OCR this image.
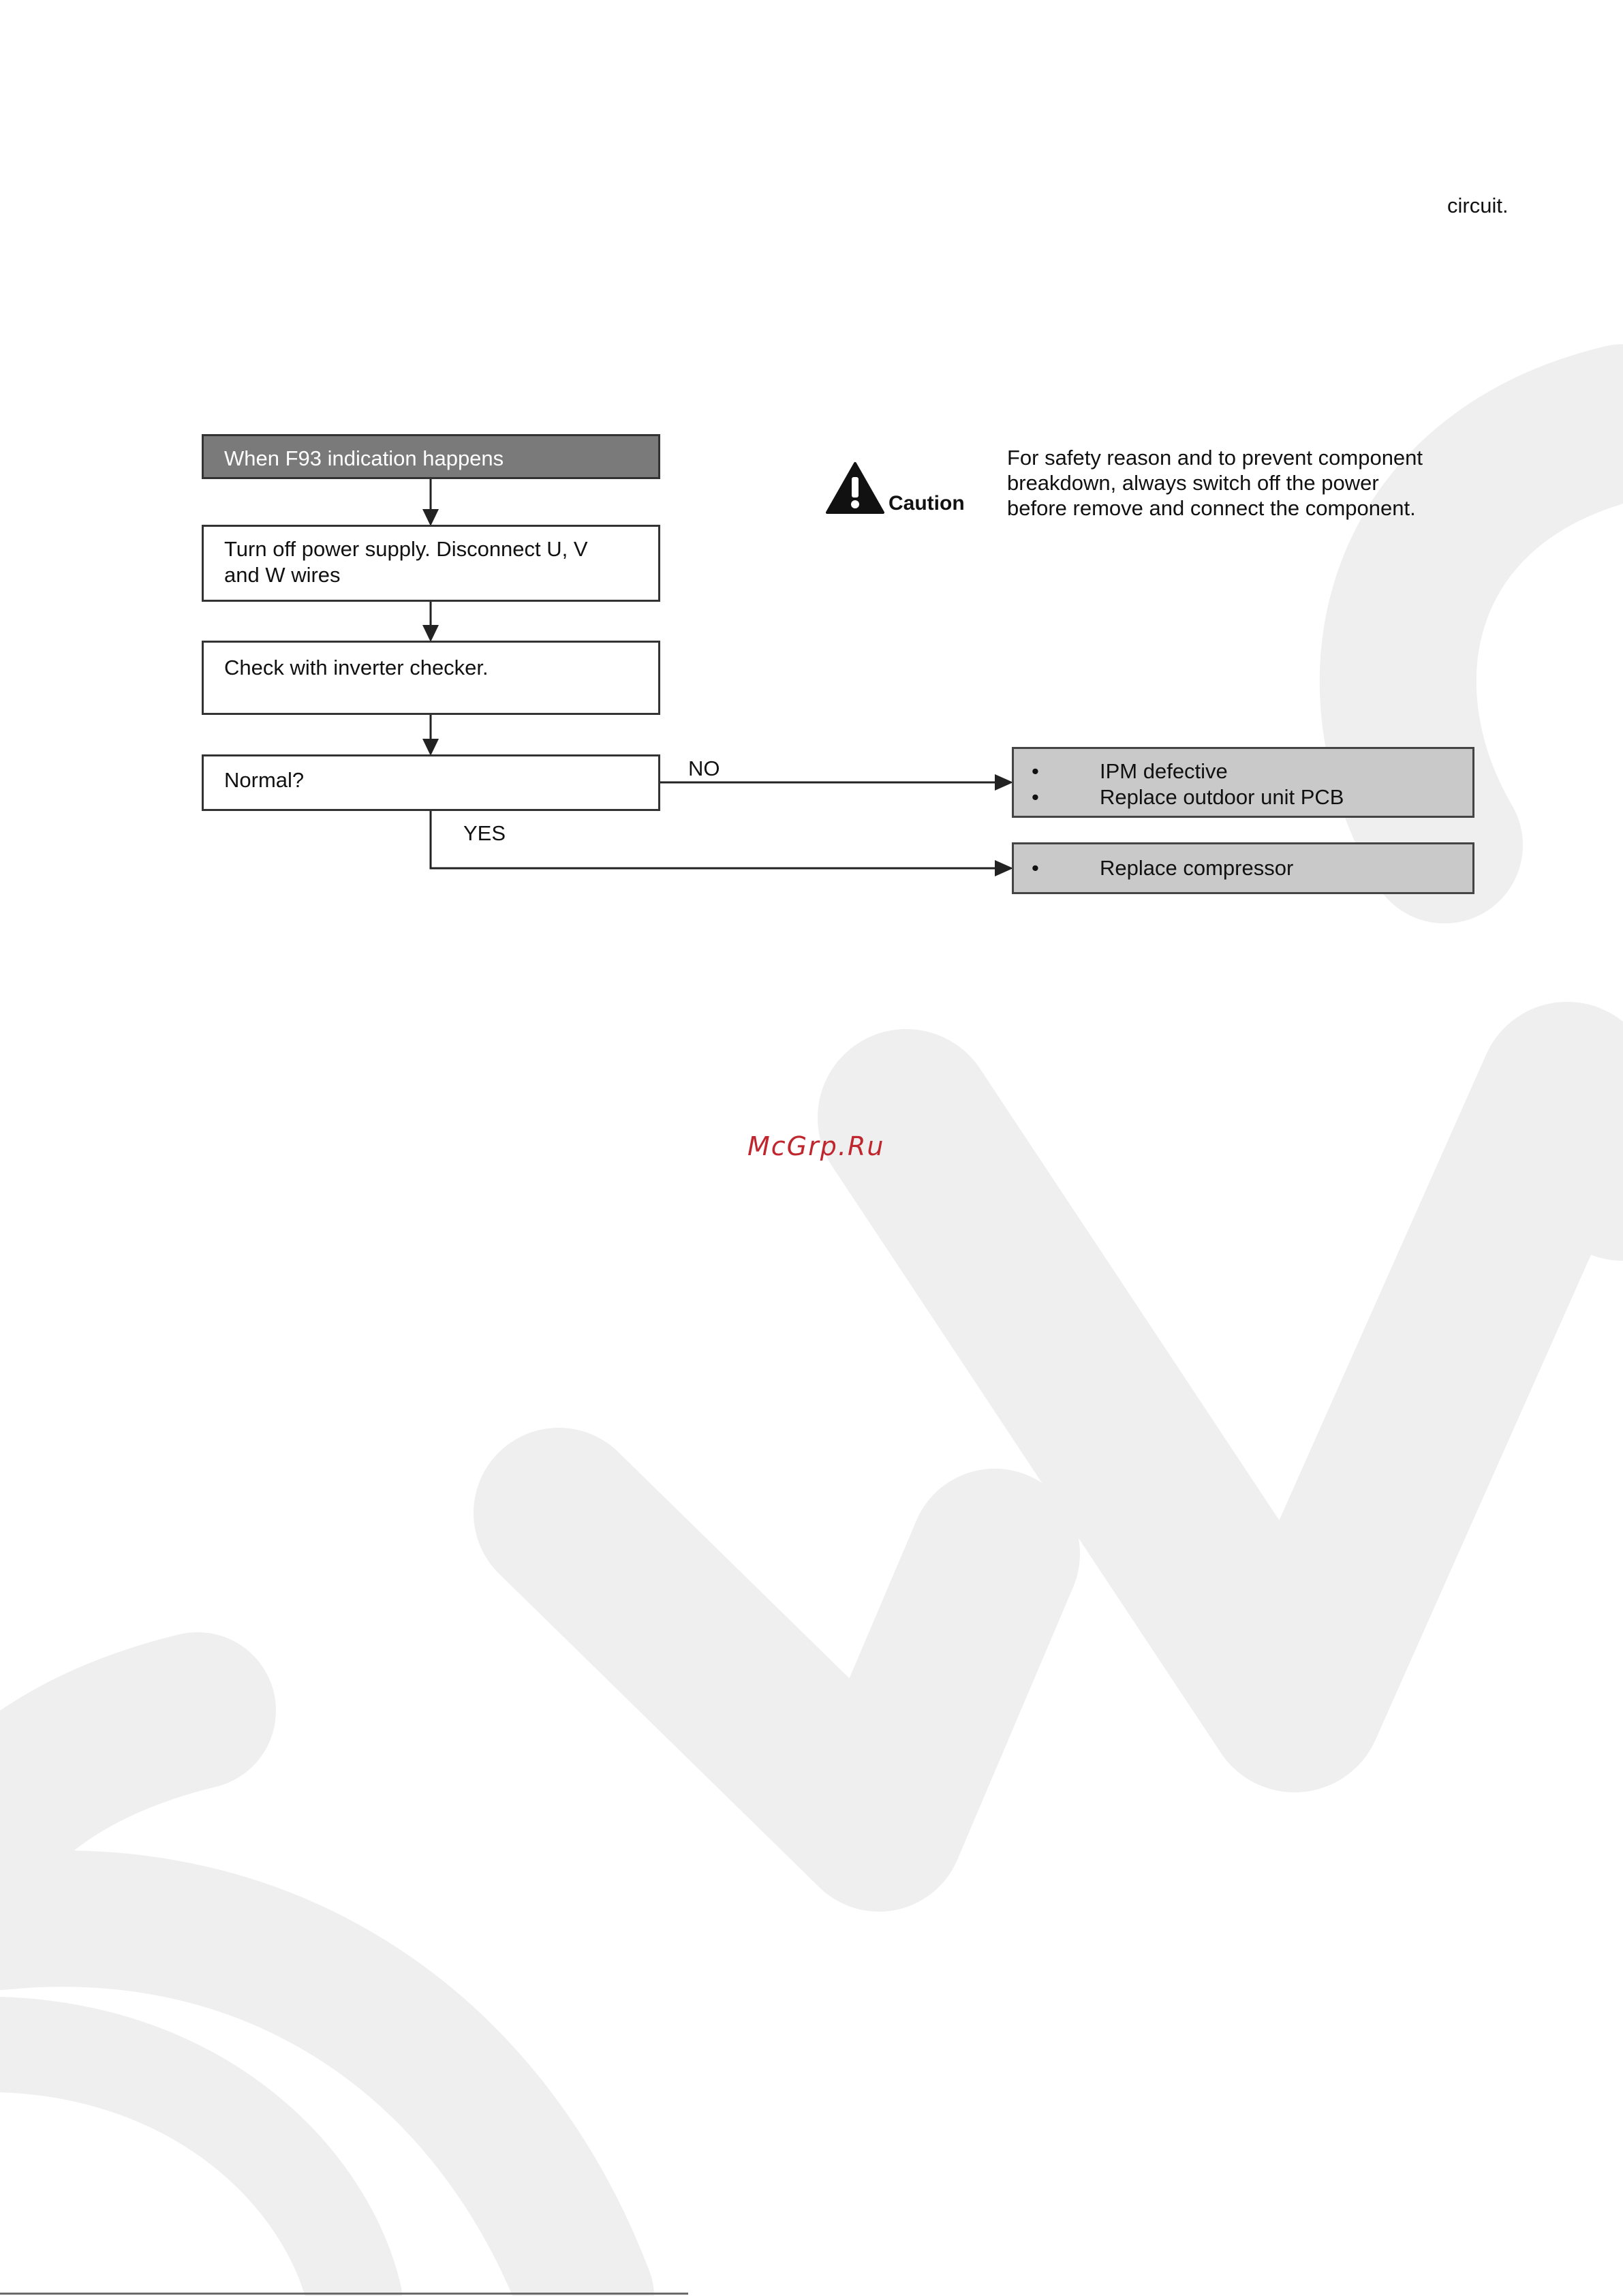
circuit.
When F93 indication happens
Turn off power supply. Disconnect U, V
and W wires
Check with inverter checker.
Normal?	NO
YES
•	IPM defective
•	Replace outdoor unit PCB
•	Replace compressor
Caution
For safety reason and to prevent component
breakdown, always switch off the power
before remove and connect the component.
McGrp.Ru
